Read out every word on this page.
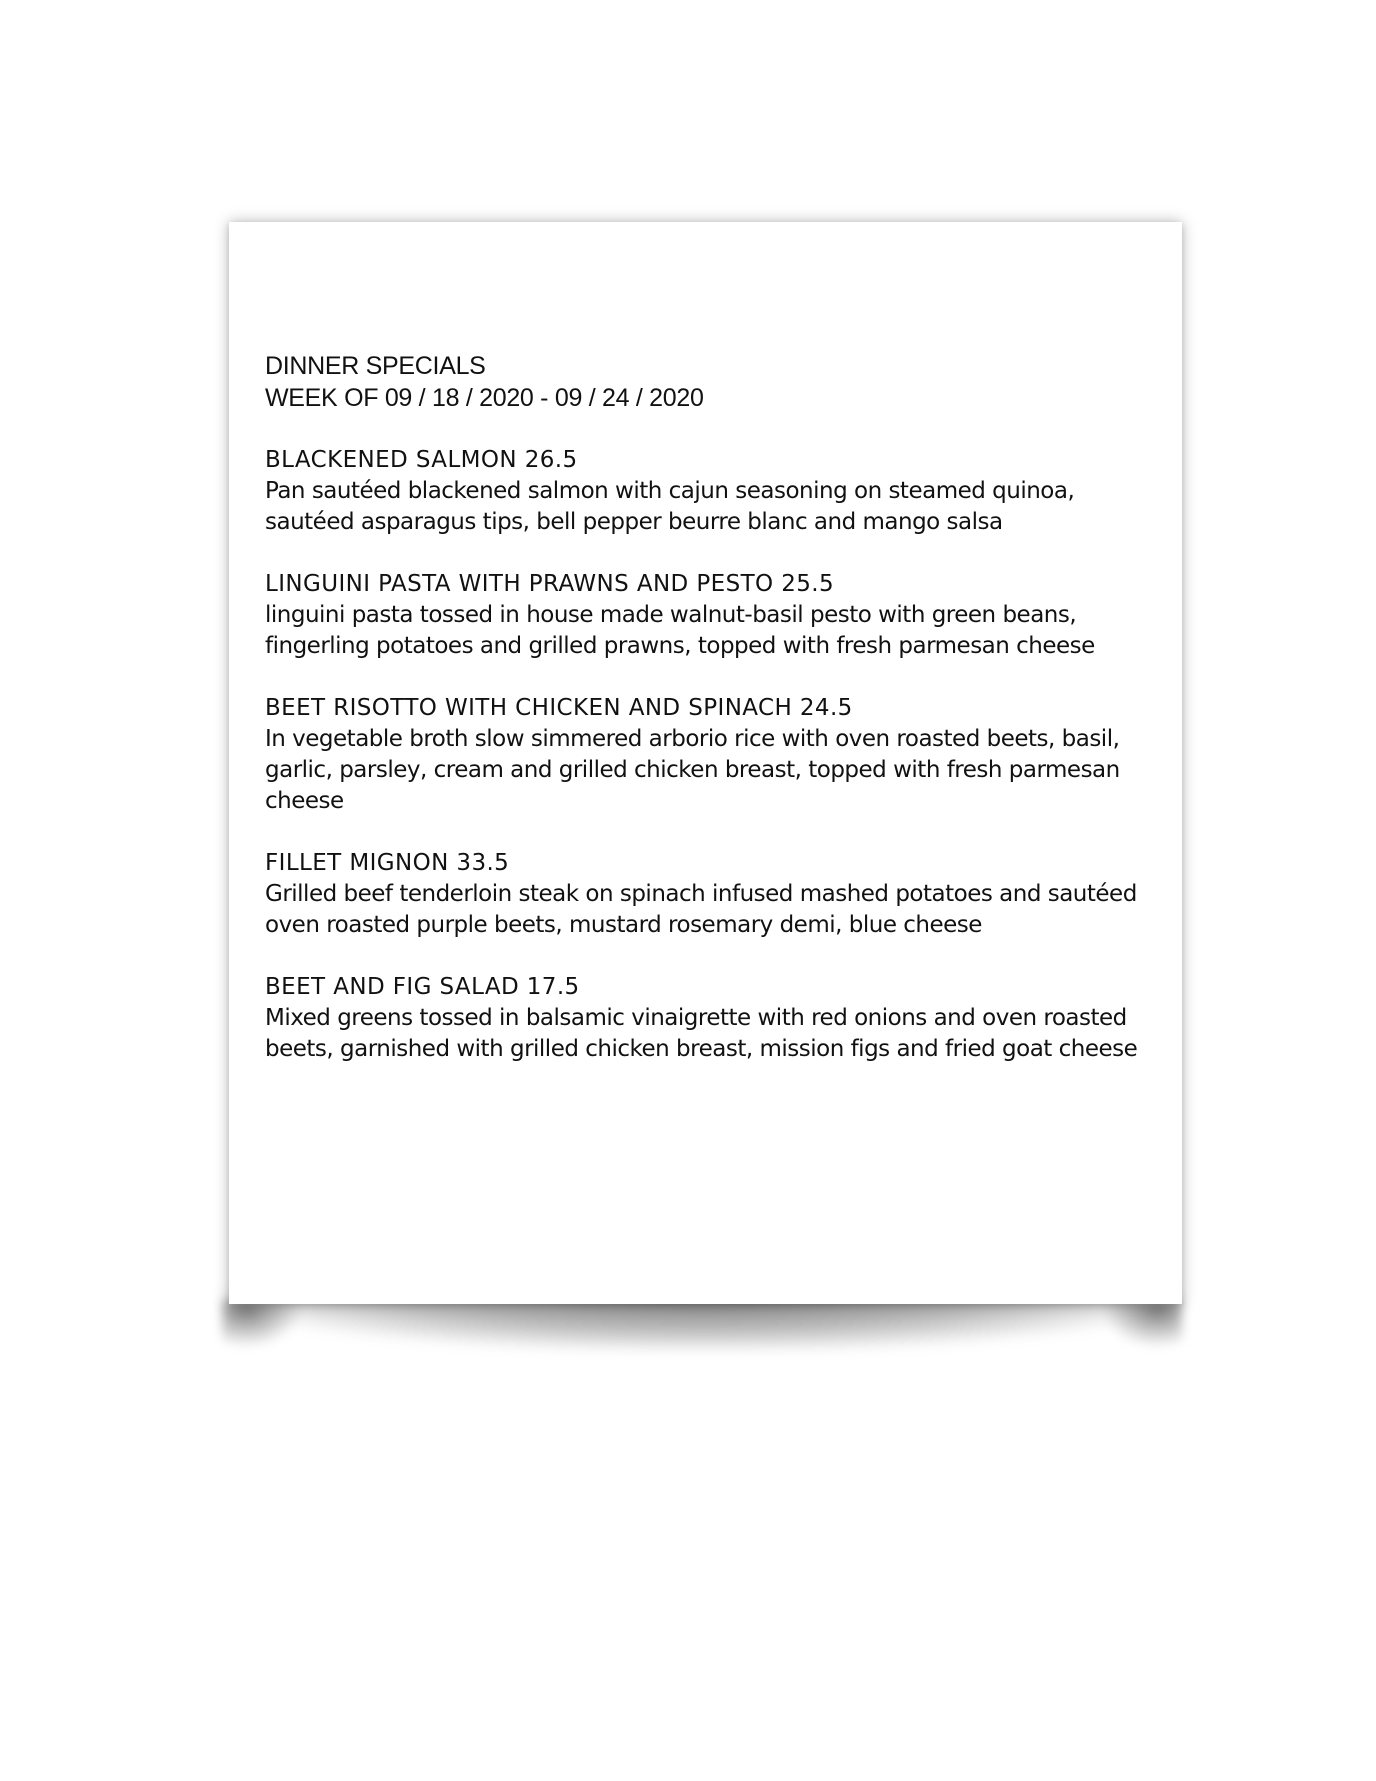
DINNER SPECIALS
WEEK OF 09 / 18 / 2020 - 09 / 24 / 2020
BLACKENED SALMON 26.5
Pan sautéed blackened salmon with cajun seasoning on steamed quinoa, sautéed asparagus tips, bell pepper beurre blanc and mango salsa
LINGUINI PASTA WITH PRAWNS AND PESTO 25.5
linguini pasta tossed in house made walnut-basil pesto with green beans, fingerling potatoes and grilled prawns, topped with fresh parmesan cheese
BEET RISOTTO WITH CHICKEN AND SPINACH 24.5
In vegetable broth slow simmered arborio rice with oven roasted beets, basil, garlic, parsley, cream and grilled chicken breast, topped with fresh parmesan cheese
FILLET MIGNON 33.5
Grilled beef tenderloin steak on spinach infused mashed potatoes and sautéed oven roasted purple beets, mustard rosemary demi, blue cheese
BEET AND FIG SALAD 17.5
Mixed greens tossed in balsamic vinaigrette with red onions and oven roasted beets, garnished with grilled chicken breast, mission figs and fried goat cheese
